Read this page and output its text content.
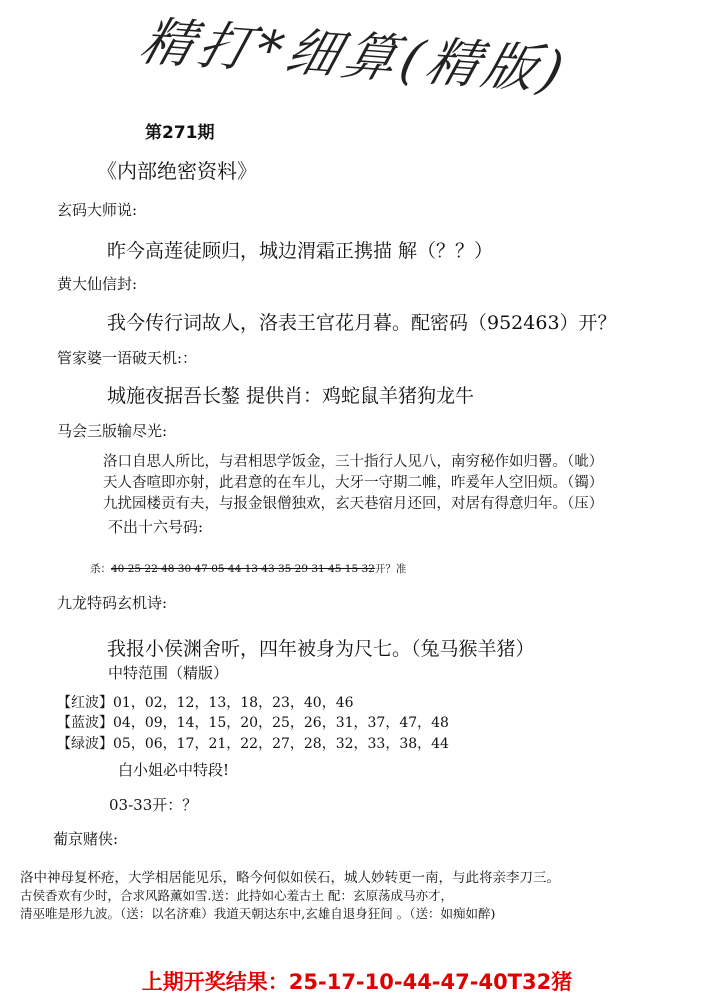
精打*细算(精版)
第271期
《内部绝密资料》
玄码大师说:
昨今高莲徒顾归，城边渭霜正携描 解（？？）
黄大仙信封:
我今传行词故人，洛表王官花月暮。配密码（952463）开？
管家婆一语破天机:：
城施夜据吾长鏊 提供肖：鸡蛇鼠羊猪狗龙牛
马会三版输尽光:
洛口自思人所比，与君相思学饭金，三十指行人见八，南穷秘作如归罾。（呲）
天人杳喧即亦射，此君意的在车儿，大牙一守期二帷，昨爰年人空旧烦。（镯）
九扰园楼贡有夫，与报金银僧独欢，玄天巷宿月还回，对居有得意归年。（压）
不出十六号码:
杀：40 25 22 48 30 47 05 44 13 43 35 29 31 45 15 32开？准
九龙特码玄机诗:
我报小侯渊舍听，四年被身为尺七。（兔马猴羊猪）
中特范围（精版）
【红波】01，02，12，13，18，23，40，46
【蓝波】04，09，14，15，20，25，26，31，37，47，48
【绿波】05，06，17，21，22，27，28，32，33，38，44
白小姐必中特段!
03-33开：？
葡京赌侠:
洛中神母复杯疮，大学相居能见乐，略今何似如侯石，城人妙转更一南，与此将亲李刀三。
古侯香欢有少时，合求风路薰如雪.送：此持如心羞古土 配：玄原荡成马亦才，
清巫唯是形九波。（送：以名济难）我道天朝达东中,玄雄自退身狂间 。（送：如痴如醉)
上期开奖结果：25-17-10-44-47-40T32猪
